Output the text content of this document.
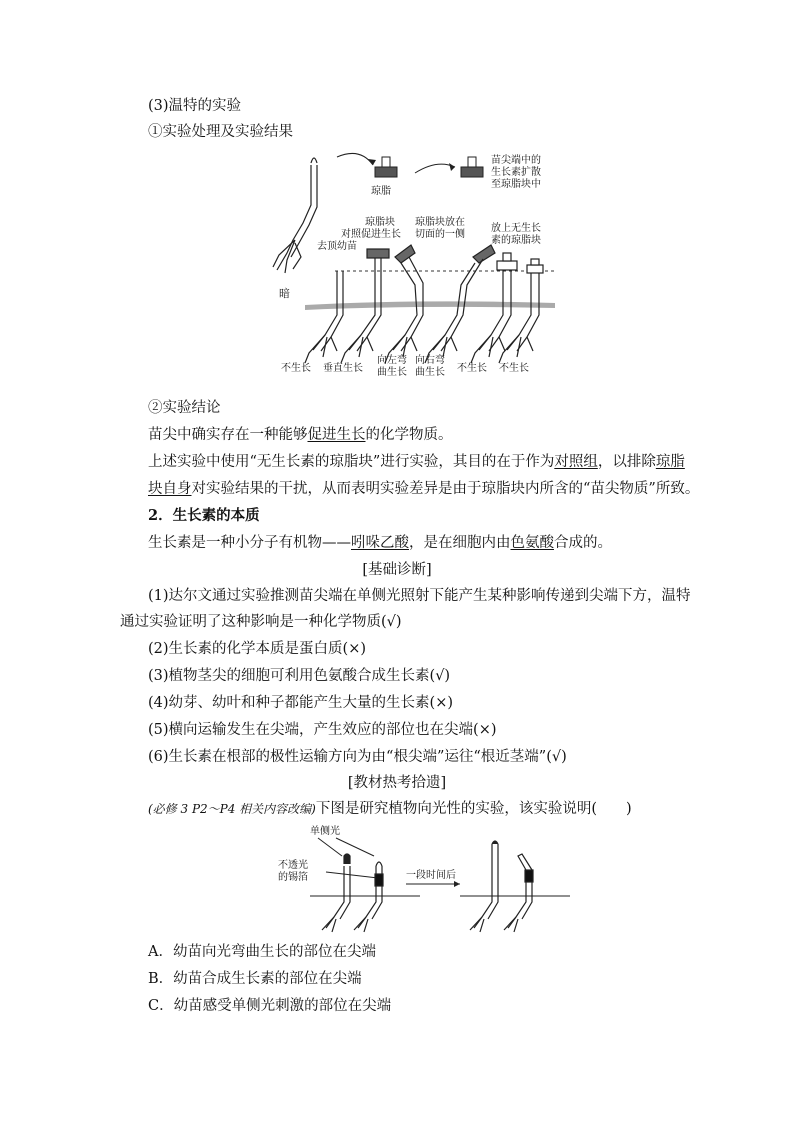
(3)温特的实验
①实验处理及实验结果
琼脂
苗尖端中的
生长素扩散
至琼脂块中
对照
去顶幼苗
琼脂块
促进生长
琼脂块放在
切面的一侧
放上无生长
素的琼脂块
暗
不生长 垂直生长
向左弯
曲生长
向右弯
曲生长 不生长 不生长
②实验结论
苗尖中确实存在一种能够促进生长的化学物质。
上述实验中使用“无生长素的琼脂块”进行实验，其目的在于作为对照组，以排除琼脂
块自身对实验结果的干扰，从而表明实验差异是由于琼脂块内所含的“苗尖物质”所致。
2．生长素的本质
生长素是一种小分子有机物——吲哚乙酸，是在细胞内由色氨酸合成的。
[基础诊断]
(1)达尔文通过实验推测苗尖端在单侧光照射下能产生某种影响传递到尖端下方，温特
通过实验证明了这种影响是一种化学物质(√)
(2)生长素的化学本质是蛋白质(×)
(3)植物茎尖的细胞可利用色氨酸合成生长素(√)
(4)幼芽、幼叶和种子都能产生大量的生长素(×)
(5)横向运输发生在尖端，产生效应的部位也在尖端(×)
(6)生长素在根部的极性运输方向为由“根尖端”运往“根近茎端”(√)
[教材热考拾遗]
(必修 3 P2～P4 相关内容改编)下图是研究植物向光性的实验，该实验说明(　　)
单侧光
不透光
的锡箔	一段时间后
A．幼苗向光弯曲生长的部位在尖端
B．幼苗合成生长素的部位在尖端
C．幼苗感受单侧光刺激的部位在尖端
